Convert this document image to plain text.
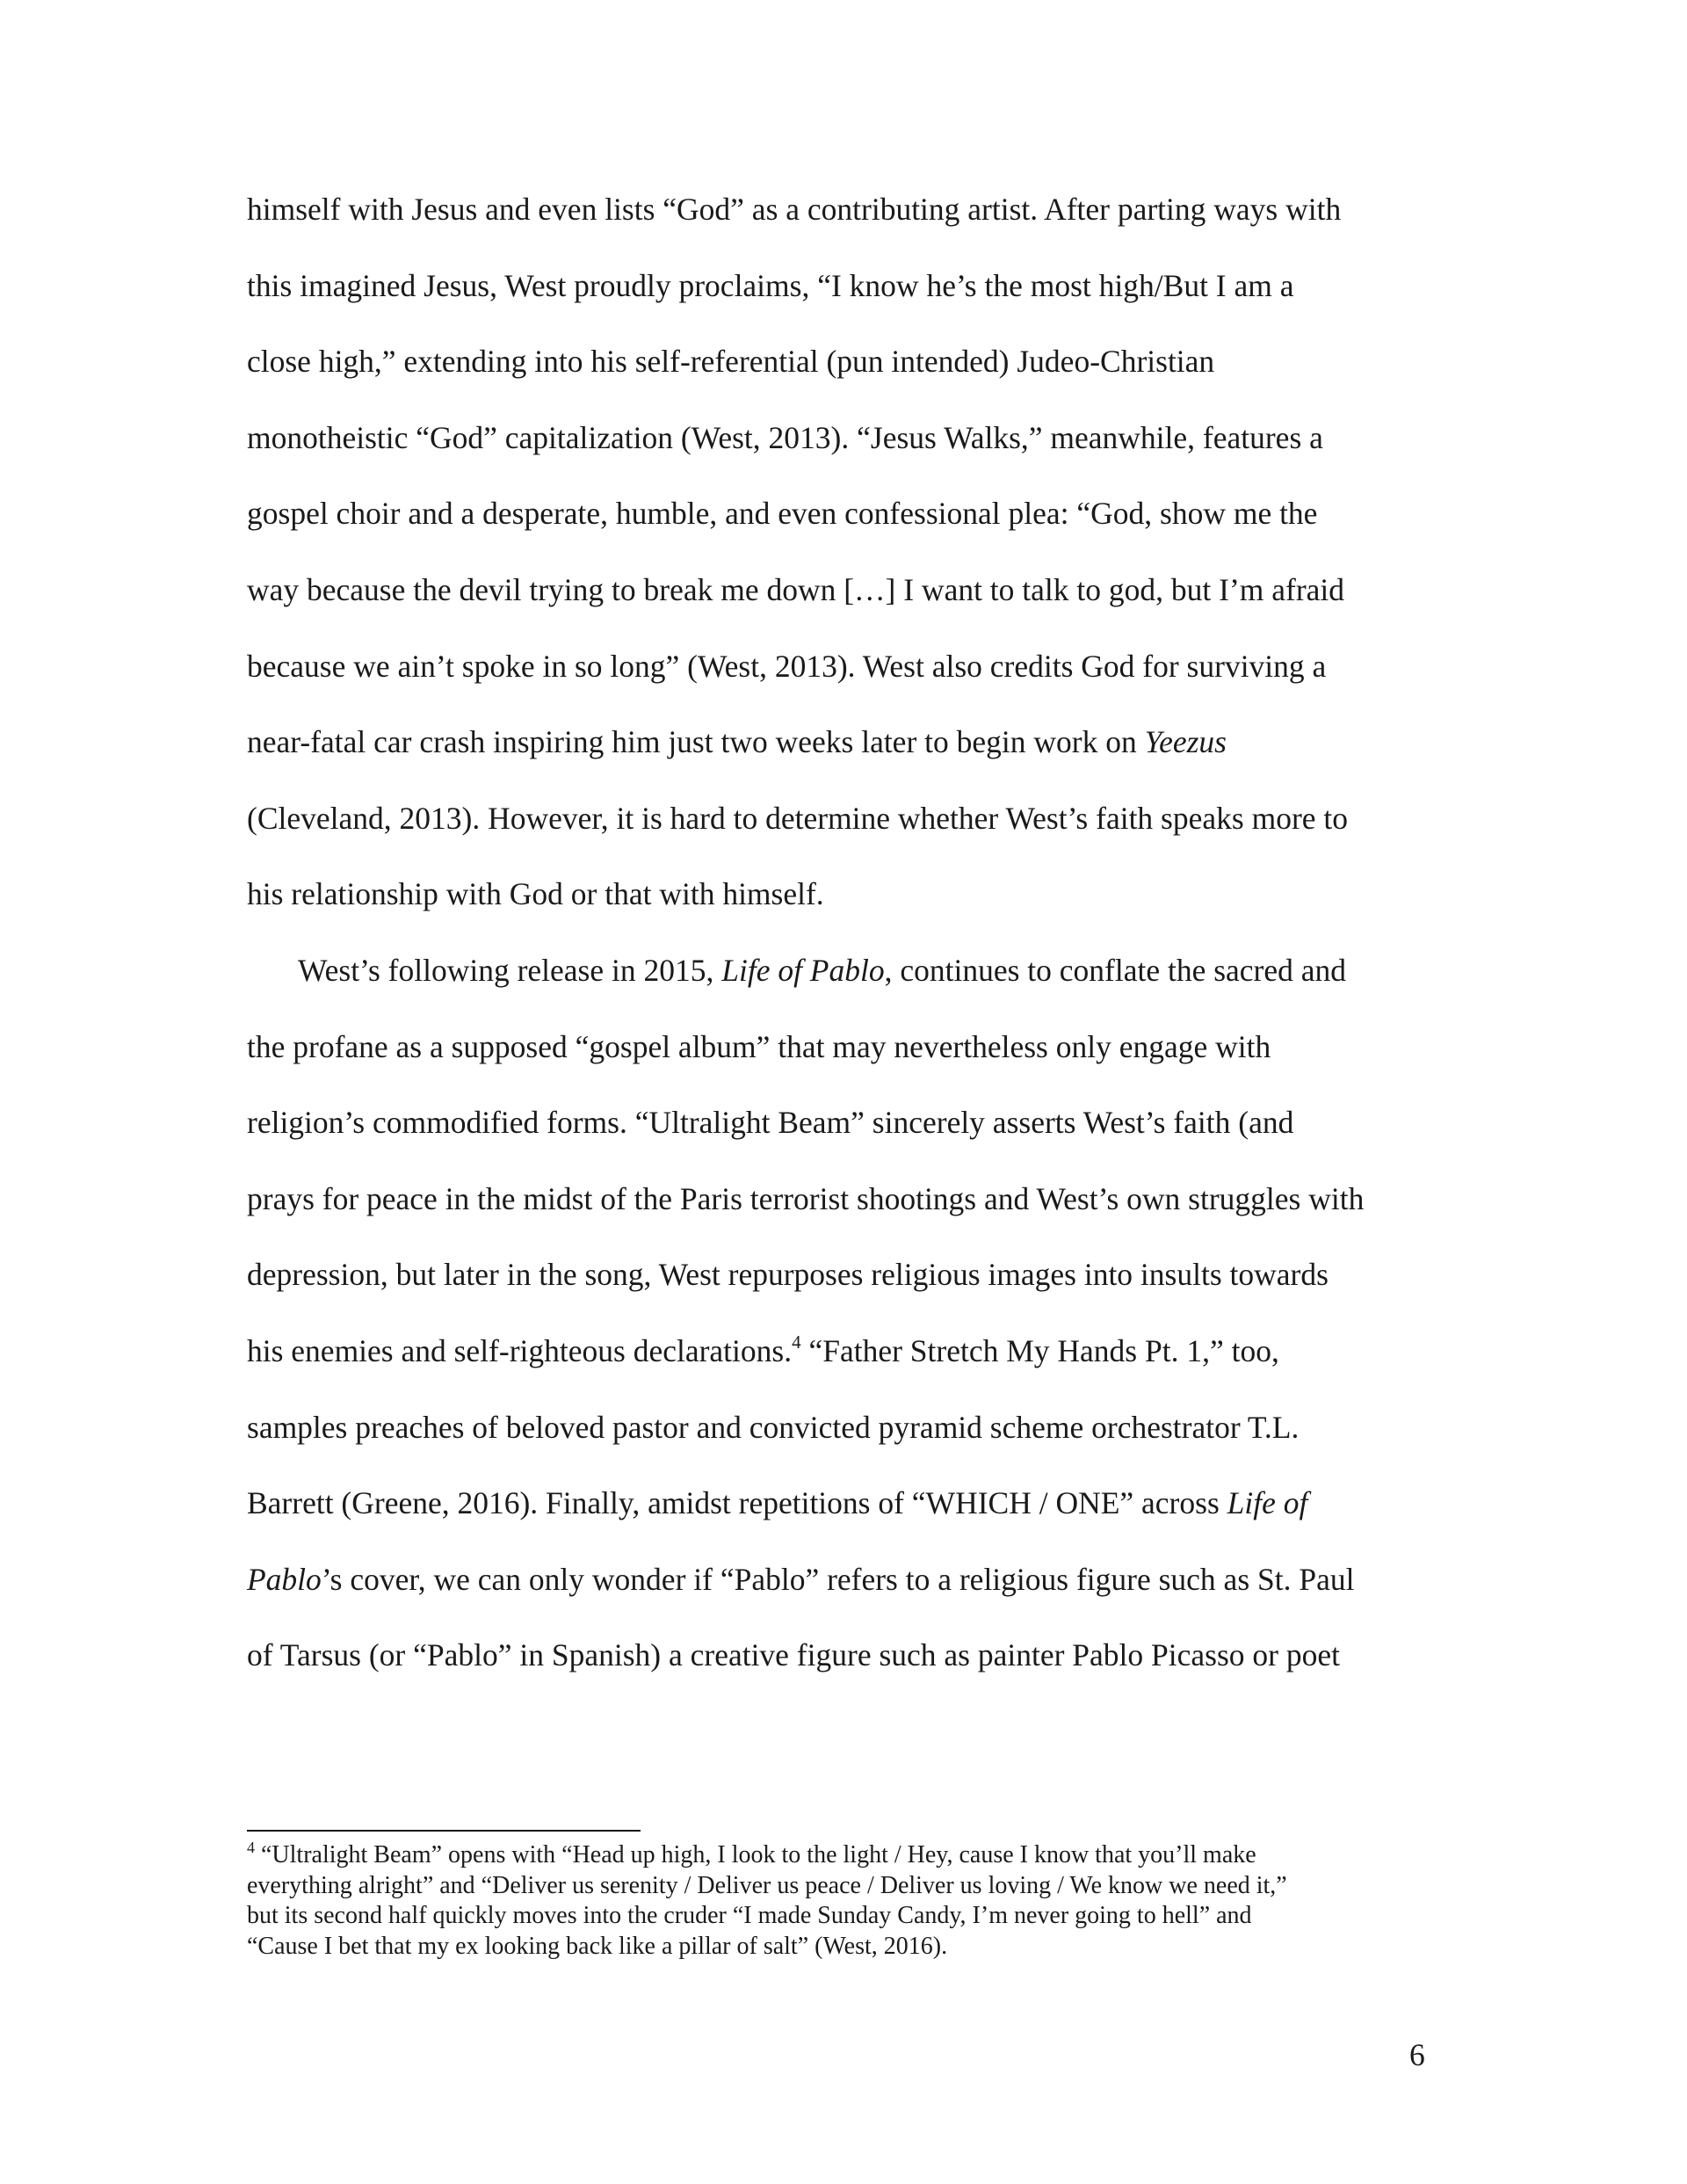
himself with Jesus and even lists “God” as a contributing artist. After parting ways with
this imagined Jesus, West proudly proclaims, “I know he’s the most high/But I am a
close high,” extending into his self-referential (pun intended) Judeo-Christian
monotheistic “God” capitalization (West, 2013). “Jesus Walks,” meanwhile, features a
gospel choir and a desperate, humble, and even confessional plea: “God, show me the
way because the devil trying to break me down […] I want to talk to god, but I’m afraid
because we ain’t spoke in so long” (West, 2013). West also credits God for surviving a
near-fatal car crash inspiring him just two weeks later to begin work on Yeezus
(Cleveland, 2013). However, it is hard to determine whether West’s faith speaks more to
his relationship with God or that with himself.
West’s following release in 2015, Life of Pablo, continues to conflate the sacred and
the profane as a supposed “gospel album” that may nevertheless only engage with
religion’s commodified forms. “Ultralight Beam” sincerely asserts West’s faith (and
prays for peace in the midst of the Paris terrorist shootings and West’s own struggles with
depression, but later in the song, West repurposes religious images into insults towards
his enemies and self-righteous declarations.$^4$ “Father Stretch My Hands Pt. 1,” too,
samples preaches of beloved pastor and convicted pyramid scheme orchestrator T.L.
Barrett (Greene, 2016). Finally, amidst repetitions of “WHICH / ONE” across Life of
Pablo’s cover, we can only wonder if “Pablo” refers to a religious figure such as St. Paul
of Tarsus (or “Pablo” in Spanish) a creative figure such as painter Pablo Picasso or poet
$^4$ “Ultralight Beam” opens with “Head up high, I look to the light / Hey, cause I know that you’ll make
everything alright” and “Deliver us serenity / Deliver us peace / Deliver us loving / We know we need it,”
but its second half quickly moves into the cruder “I made Sunday Candy, I’m never going to hell” and
“Cause I bet that my ex looking back like a pillar of salt” (West, 2016).
6
